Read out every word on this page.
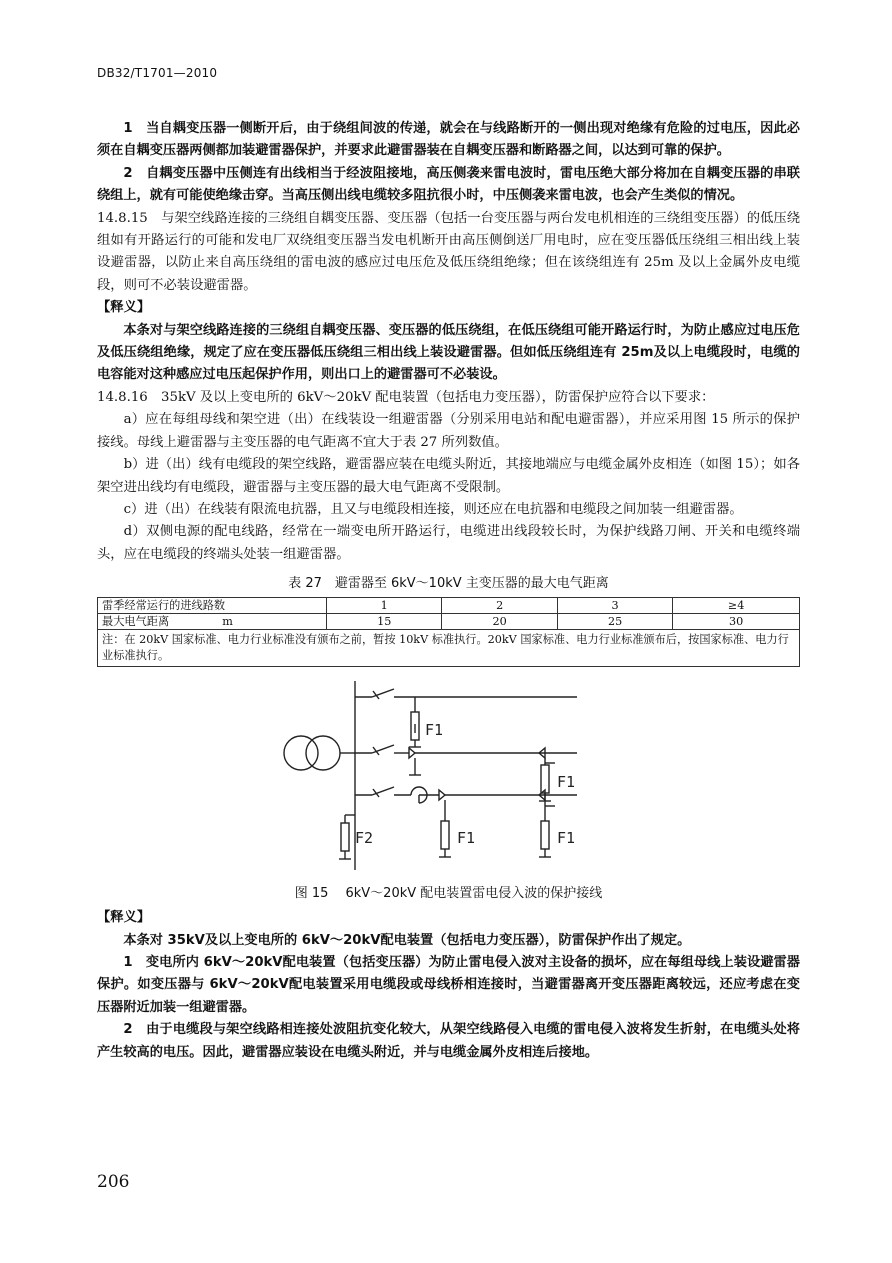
DB32/T1701—2010

1　当自耦变压器一侧断开后，由于绕组间波的传递，就会在与线路断开的一侧出现对绝缘有危险的过电压，因此必须在自耦变压器两侧都加装避雷器保护，并要求此避雷器装在自耦变压器和断路器之间，以达到可靠的保护。

2　自耦变压器中压侧连有出线相当于经波阻接地，高压侧袭来雷电波时，雷电压绝大部分将加在自耦变压器的串联绕组上，就有可能使绝缘击穿。当高压侧出线电缆较多阻抗很小时，中压侧袭来雷电波，也会产生类似的情况。

14.8.15　与架空线路连接的三绕组自耦变压器、变压器（包括一台变压器与两台发电机相连的三绕组变压器）的低压绕组如有开路运行的可能和发电厂双绕组变压器当发电机断开由高压侧倒送厂用电时，应在变压器低压绕组三相出线上装设避雷器，以防止来自高压绕组的雷电波的感应过电压危及低压绕组绝缘；但在该绕组连有 25m 及以上金属外皮电缆段，则可不必装设避雷器。

【释义】

本条对与架空线路连接的三绕组自耦变压器、变压器的低压绕组，在低压绕组可能开路运行时，为防止感应过电压危及低压绕组绝缘，规定了应在变压器低压绕组三相出线上装设避雷器。但如低压绕组连有 25m及以上电缆段时，电缆的电容能对这种感应过电压起保护作用，则出口上的避雷器可不必装设。

14.8.16　35kV 及以上变电所的 6kV～20kV 配电装置（包括电力变压器），防雷保护应符合以下要求：

a）应在每组母线和架空进（出）在线装设一组避雷器（分别采用电站和配电避雷器），并应采用图 15 所示的保护接线。母线上避雷器与主变压器的电气距离不宜大于表 27 所列数值。

b）进（出）线有电缆段的架空线路，避雷器应装在电缆头附近，其接地端应与电缆金属外皮相连（如图 15）；如各架空进出线均有电缆段，避雷器与主变压器的最大电气距离不受限制。

c）进（出）在线装有限流电抗器，且又与电缆段相连接，则还应在电抗器和电缆段之间加装一组避雷器。

d）双侧电源的配电线路，经常在一端变电所开路运行，电缆进出线段较长时，为保护线路刀闸、开关和电缆终端头，应在电缆段的终端头处装一组避雷器。

表 27　避雷器至 6kV～10kV 主变压器的最大电气距离
雷季经常运行的进线路数	1	2	3	≥4
最大电气距离 m	15	20	25	30
注：在 20kV 国家标准、电力行业标准没有颁布之前，暂按 10kV 标准执行。20kV 国家标准、电力行业标准颁布后，按国家标准、电力行业标准执行。				
F1
F1
F1	F1
F2
图 15　 6kV～20kV 配电装置雷电侵入波的保护接线

【释义】

本条对 35kV及以上变电所的 6kV～20kV配电装置（包括电力变压器），防雷保护作出了规定。

1　变电所内 6kV～20kV配电装置（包括变压器）为防止雷电侵入波对主设备的损坏，应在每组母线上装设避雷器保护。如变压器与 6kV～20kV配电装置采用电缆段或母线桥相连接时，当避雷器离开变压器距离较远，还应考虑在变压器附近加装一组避雷器。

2　由于电缆段与架空线路相连接处波阻抗变化较大，从架空线路侵入电缆的雷电侵入波将发生折射，在电缆头处将产生较高的电压。因此，避雷器应装设在电缆头附近，并与电缆金属外皮相连后接地。

206
